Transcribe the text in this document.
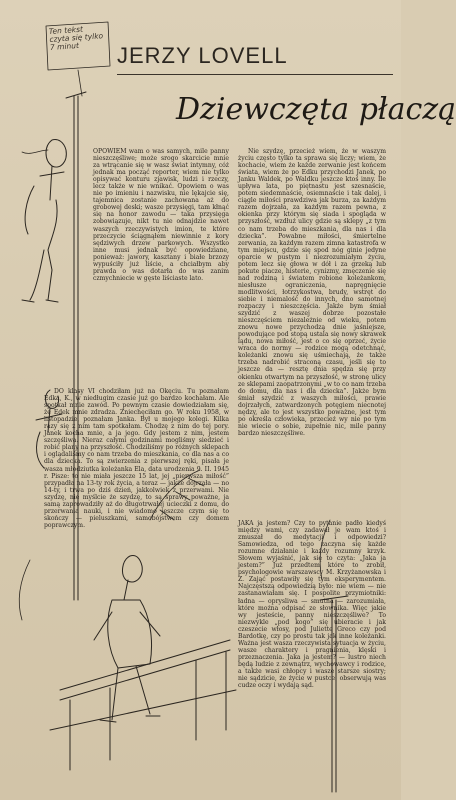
Ten tekst czyta się tylko 7 minut	JERZY LOVELL
Dziewczęta płaczą

OPOWIEM wam o was samych, mile panny nieszczęśliwe; może srogo skarcicie mnie za wtrącanie się w wasz świat intymny, cóż jednak ma począć reporter, wiem nie tylko opisywać konturu zjawisk, ludzi i rzeczy, lecz także w nie wnikać. Opowiem o was nie po imieniu i nazwisku, nie lękajcie się, tajemnica zostanie zachowana aż do grobowej deski; wasze przysięgi, tam kłnąć się na honor zawodu — taka przysięga zobowiązuje, nikt tu nie odnajdzie nawet waszych rzeczywistych imion, te które przeczycie ściągnąłem niewinnie z kory sędziwych drzew parkowych. Wszystko inne musi jednak być opowiedziane, ponieważ: jawory, kasztany i białe brzozy wypuściły już liście, a chciałbym aby prawda o was dotarła do was zanim czmychniecie w gęste liściaste lato.

DO klasy VI chodziłam już na Okęciu. Tu poznałam Edka, K., w niedługim czasie już go bardzo kochałam. Ale spotkał mnie zawód. Po pewnym czasie dowiedziałam się, że Edek mnie zdradza. Zniechęciłam go. W roku 1958, w listopadzie, poznałam Janka. Był u mojego kolegi. Kilka razy się z nim tam spotkałam. Chodzę z nim do tej pory. Janek kocha mnie, a ja jego. Gdy jestem z nim, jestem szczęśliwa. Nieraz całymi godzinami mogliśmy siedzieć i robić plany na przyszłość. Chodziliśmy po różnych sklepach i oglądaliśmy co nam trzeba do mieszkania, co dla nas a co dla dziecka. To są zwierzenia z pierwszej ręki, pisała je wasza młodziutka koleżanka Ela, data urodzenia 9. II. 1945 r. Pisze: to nie miała jeszcze 15 lat, jej „pierwsza miłość” przypadła na 13-ty rok życia, a teraz — jakże dojrzała — no 14-ty, i trwa po dziś dzień, jakkolwiek z przerwami. Nie szydzę, nie myślcie że szydzę, to są sprawy poważne, ja samą zaprowadziły aż do długotrwałej ucieczki z domu, do przerwania nauki, i nie wiadomo jeszcze czym się to skończy — pieluszkami, samobójstwem czy domem poprawczym.

Nie szydzę, przecież wiem, że w waszym życiu często tylko ta sprawa się liczy; wiem, że kochacie, wiem że każde zerwanie jest końcem świata, wiem że po Edku przychodzi Janek, po Janku Waldek, po Waldku jeszcze ktoś inny. Ile upływa lata, po piętnastu jest szesnaście, potem siedemnaście, osiemnaście i tak dalej, i ciągle miłości prawdziwa jak burza, za każdym razem dojrzała, za każdym razem pewna, z okienka przy którym się siada i spogląda w przyszłość, wzdłuż ulicy gdzie są sklepy „z tym co nam trzeba do mieszkania, dla nas i dla dziecka”. Powabne miłości, śmiertelne zerwania, za każdym razem zimna katastrofa w tym miejscu, gdzie się spod nóg ginie jedyne oparcie w pustym i niezrozumiałym życiu, potem lecz się głowa w dół i za grzeką lub pokute piacze, histerie, cynizmy, zmęczenie się nad rodziną i światem robione koleżankom, niesłusze ograniczenia, napręgnięcie modlitwości, łotrzykostwa, brudy, wstręt do siebie i niemalość do innych, dno samotnej rozpaczy i nieszczęścia. Jakże bym śmiał szydzić z waszej dobrze pozostałe nieszczęściem niezależnie od wieku, potem znowu nowe przychodzą dnie jaśniejsze, powodujące pod stopą ustala się nowy skrawek lądu, nowa miłość, jest o co się oprzeć, życie wraca do normy — rodzice mogą odetchnąć, koleżanki znowu się uśmiechają, że także trzeba nadrobić straconą czasu, jeśli się to jeszcze da — resztę dnia spędza się przy okienku otwartym na przyszłość, w stronę ulicy ze sklepami zaopatrzonymi „w to co nam trzeba do domu, dla nas i dla dziecka”. Jakże bym śmiał szydzić z waszych miłości, prawie dojrzałych, zatwardzonych potęgiem niecnotej nędzy, ale to jest wszystko poważne, jest tym po określa człowieka, przecież wy nie po tym nie wiecie o sobie, zupełnie nic, mile panny bardzo nieszczęśliwe.

JAKA ja jestem? Czy to pytanie padło kiedyś między wami, czy zadawał je wam ktoś i zmuszał do medytacji i odpowiedzi? Samowiedza, od tego zaczyna się każde rozumne działanie i każdy rozumny krzyk. Słowem wyjaśnić, jak się to czyta: „Jaka ja jestem?” Już przedtem które to zrobił, psychologowie warszawscy M. Krzyżanowska i Z. Zająć postawiły się tym eksperymentem. Najczęstszą odpowiedzią było: nie wiem — nie zastanawiałam się. I pospolite przymiotniki: ładna — oprysliwa — smutna — zarozumiała, które można odpisać ze słownika. Więc jakie wy jesteście, panny nieszczęśliwe? To niezwykle „pod kogo” się ubieracie i jak czeszecie włosy, pod Juliette Greco czy pod Bardotkę, czy po prostu tak jak inne koleżanki. Ważna jest wasza rzeczywista sytuacja w życiu, wasze charaktery i pragnienia, klęski i przeznaczenia. Jaka ja jestem? — lustro niech będą ludzie z zewnątrz, wychowawcy i rodzice, a także wasi chłopcy i wasze starsze siostry; nie sądzicie, że życie w pustce, obserwują was cudze oczy i wydają sąd.
